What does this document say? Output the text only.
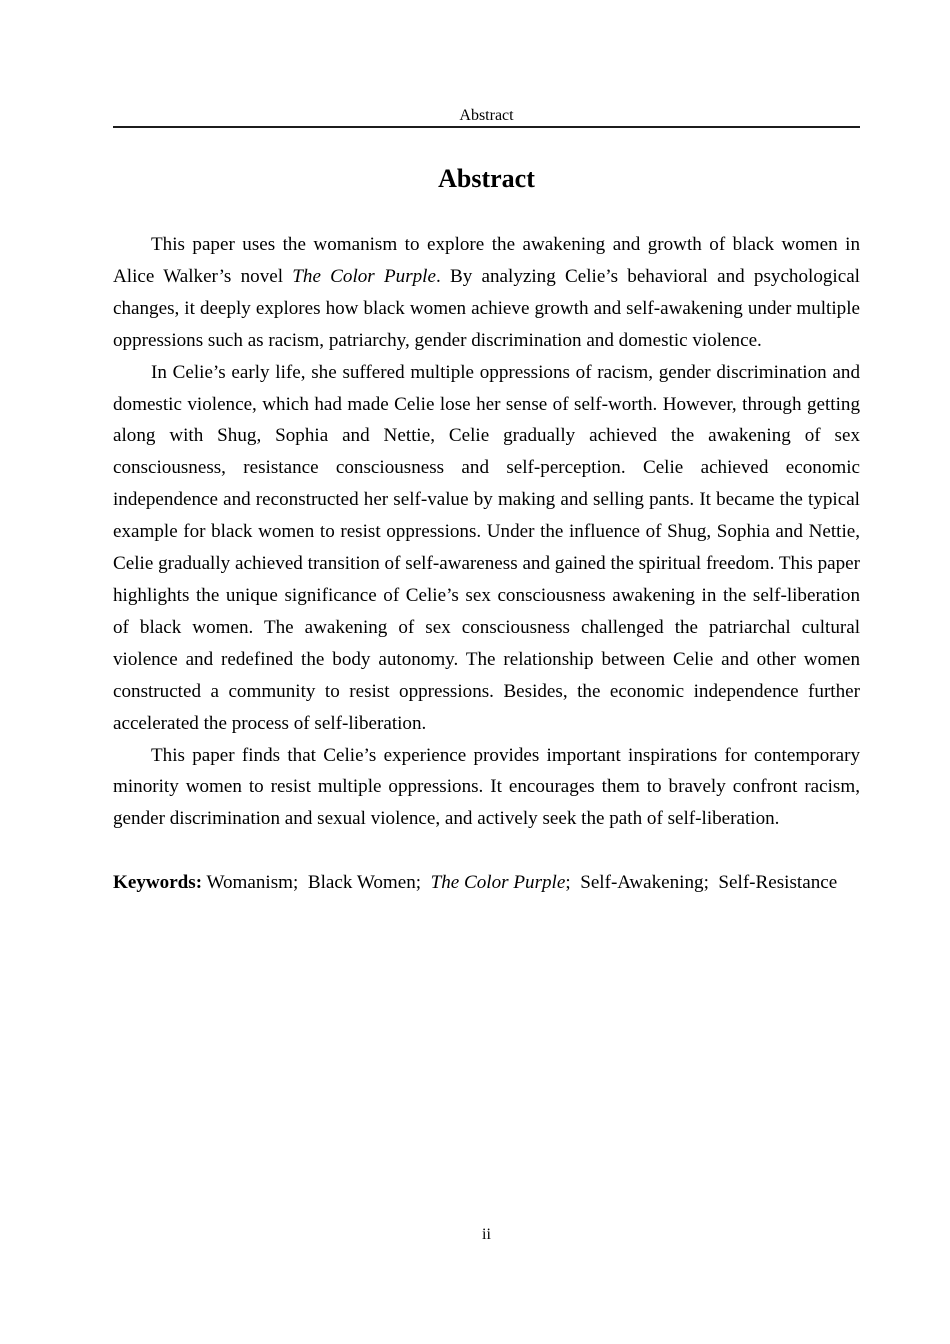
Abstract
Abstract

This paper uses the womanism to explore the awakening and growth of black women in Alice Walker’s novel The Color Purple. By analyzing Celie’s behavioral and psychological changes, it deeply explores how black women achieve growth and self-awakening under multiple oppressions such as racism, patriarchy, gender discrimination and domestic violence.

In Celie’s early life, she suffered multiple oppressions of racism, gender discrimination and domestic violence, which had made Celie lose her sense of self-worth. However, through getting along with Shug, Sophia and Nettie, Celie gradually achieved the awakening of sex consciousness, resistance consciousness and self-perception. Celie achieved economic independence and reconstructed her self-value by making and selling pants. It became the typical example for black women to resist oppressions. Under the influence of Shug, Sophia and Nettie, Celie gradually achieved transition of self-awareness and gained the spiritual freedom. This paper highlights the unique significance of Celie’s sex consciousness awakening in the self-liberation of black women. The awakening of sex consciousness challenged the patriarchal cultural violence and redefined the body autonomy. The relationship between Celie and other women constructed a community to resist oppressions. Besides, the economic independence further accelerated the process of self-liberation.

This paper finds that Celie’s experience provides important inspirations for contemporary minority women to resist multiple oppressions. It encourages them to bravely confront racism, gender discrimination and sexual violence, and actively seek the path of self-liberation.

Keywords: Womanism;  Black Women;  The Color Purple;  Self-Awakening;  Self-Resistance

ii
